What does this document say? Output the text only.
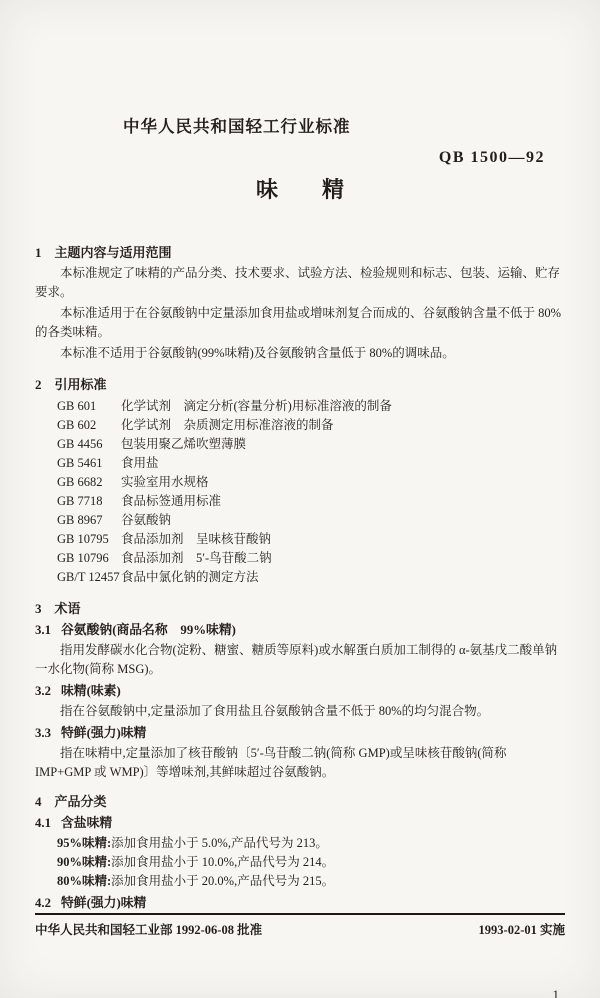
中华人民共和国轻工行业标准
QB 1500—92
味精
1 主题内容与适用范围

本标准规定了味精的产品分类、技术要求、试验方法、检验规则和标志、包装、运输、贮存要求。

本标准适用于在谷氨酸钠中定量添加食用盐或增味剂复合而成的、谷氨酸钠含量不低于 80%的各类味精。

本标准不适用于谷氨酸钠(99%味精)及谷氨酸钠含量低于 80%的调味品。

2 引用标准
GB 601 化学试剂　滴定分析(容量分析)用标准溶液的制备
GB 602 化学试剂　杂质测定用标准溶液的制备
GB 4456 包装用聚乙烯吹塑薄膜
GB 5461 食用盐
GB 6682 实验室用水规格
GB 7718 食品标签通用标准
GB 8967 谷氨酸钠
GB 10795 食品添加剂　呈味核苷酸钠
GB 10796 食品添加剂　5′-鸟苷酸二钠
GB/T 12457食品中氯化钠的测定方法
3 术语
3.1 谷氨酸钠(商品名称　99%味精)

指用发酵碳水化合物(淀粉、糖蜜、糖质等原料)或水解蛋白质加工制得的 α-氨基戊二酸单钠一水化物(简称 MSG)。

3.2 味精(味素)

指在谷氨酸钠中,定量添加了食用盐且谷氨酸钠含量不低于 80%的均匀混合物。

3.3 特鲜(强力)味精

指在味精中,定量添加了核苷酸钠〔5′-鸟苷酸二钠(简称 GMP)或呈味核苷酸钠(简称 IMP+GMP 或 WMP)〕等增味剂,其鲜味超过谷氨酸钠。

4 产品分类
4.1 含盐味精
95%味精:添加食用盐小于 5.0%,产品代号为 213。
90%味精:添加食用盐小于 10.0%,产品代号为 214。
80%味精:添加食用盐小于 20.0%,产品代号为 215。
4.2 特鲜(强力)味精
中华人民共和国轻工业部 1992-06-08 批准	1993-02-01 实施
1
